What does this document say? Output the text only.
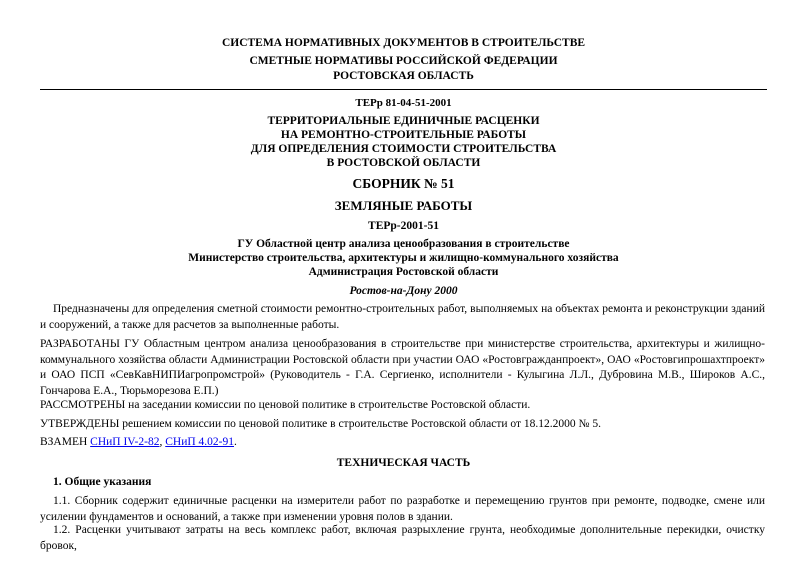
СИСТЕМА НОРМАТИВНЫХ ДОКУМЕНТОВ В СТРОИТЕЛЬСТВЕ
СМЕТНЫЕ НОРМАТИВЫ РОССИЙСКОЙ ФЕДЕРАЦИИ
РОСТОВСКАЯ ОБЛАСТЬ
ТЕРр 81-04-51-2001
ТЕРРИТОРИАЛЬНЫЕ ЕДИНИЧНЫЕ РАСЦЕНКИ
НА РЕМОНТНО-СТРОИТЕЛЬНЫЕ РАБОТЫ
ДЛЯ ОПРЕДЕЛЕНИЯ СТОИМОСТИ СТРОИТЕЛЬСТВА
В РОСТОВСКОЙ ОБЛАСТИ
СБОРНИК № 51
ЗЕМЛЯНЫЕ РАБОТЫ
ТЕРр-2001-51
ГУ Областной центр анализа ценообразования в строительстве
Министерство строительства, архитектуры и жилищно-коммунального хозяйства
Администрация Ростовской области
Ростов-на-Дону 2000
Предназначены для определения сметной стоимости ремонтно-строительных работ, выполняемых на объектах ремонта и реконструкции зданий и сооружений, а также для расчетов за выполненные работы.
РАЗРАБОТАНЫ ГУ Областным центром анализа ценообразования в строительстве при министерстве строительства, архитектуры и жилищно-коммунального хозяйства области Администрации Ростовской области при участии ОАО «Ростовгражданпроект», ОАО «Ростовгипрошахтпроект» и ОАО ПСП «СевКавНИПИагропромстрой» (Руководитель - Г.А. Сергиенко, исполнители - Кулыгина Л.Л., Дубровина М.В., Широков А.С., Гончарова Е.А., Тюрьморезова Е.П.)
РАССМОТРЕНЫ на заседании комиссии по ценовой политике в строительстве Ростовской области.
УТВЕРЖДЕНЫ решением комиссии по ценовой политике в строительстве Ростовской области от 18.12.2000 № 5.
ВЗАМЕН СНиП IV-2-82, СНиП 4.02-91.
ТЕХНИЧЕСКАЯ ЧАСТЬ
1. Общие указания
1.1. Сборник содержит единичные расценки на измерители работ по разработке и перемещению грунтов при ремонте, подводке, смене или усилении фундаментов и оснований, а также при изменении уровня полов в здании.
1.2. Расценки учитывают затраты на весь комплекс работ, включая разрыхление грунта, необходимые дополнительные перекидки, очистку бровок,
